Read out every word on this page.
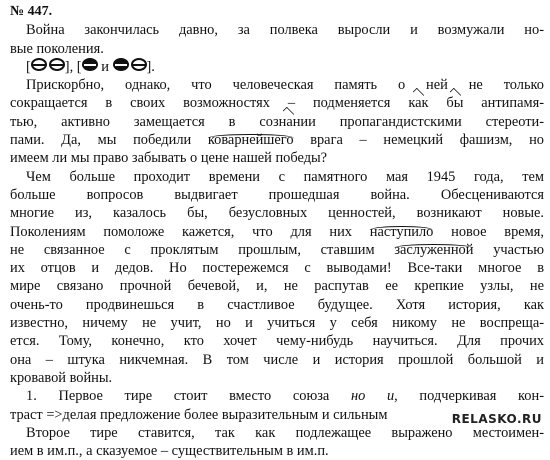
№ 447.
Война закончилась давно, за полвека выросли и возмужали но-
вые поколения.
[ ], [ и	].
Прискорбно, однако, что человеческая память о ней не только
сокращается в своих возможностях – подменяется как бы антипамя-
тью, активно замещается в сознании пропагандистскими стереоти-
пами. Да, мы победили коварнейшего врага – немецкий фашизм, но
имеем ли мы право забывать о цене нашей победы?
Чем больше проходит времени с памятного мая 1945 года, тем
больше вопросов выдвигает прошедшая война. Обесцениваются
многие из, казалось бы, безусловных ценностей, возникают новые.
Поколениям помоложе кажется, что для них наступило новое время,
не связанное с проклятым прошлым, ставшим заслуженной участью
их отцов и дедов. Но постережемся с выводами! Все-таки многое в
мире связано прочной бечевой, и, не распутав ее крепкие узлы, не
очень-то продвинешься в счастливое будущее. Хотя история, как
известно, ничему не учит, но и учиться у себя никому не воспреща-
ется. Тому, конечно, кто хочет чему-нибудь научиться. Для прочих
она – штука никчемная. В том числе и история прошлой большой и
кровавой войны.
1. Первое тире стоит вместо союза но и, подчеркивая кон-
траст =>делая предложение более выразительным и сильным
Второе тире ставится, так как подлежащее выражено местоимен-
ием в им.п., а сказуемое – существительным в им.п.
RELASKO.RU
